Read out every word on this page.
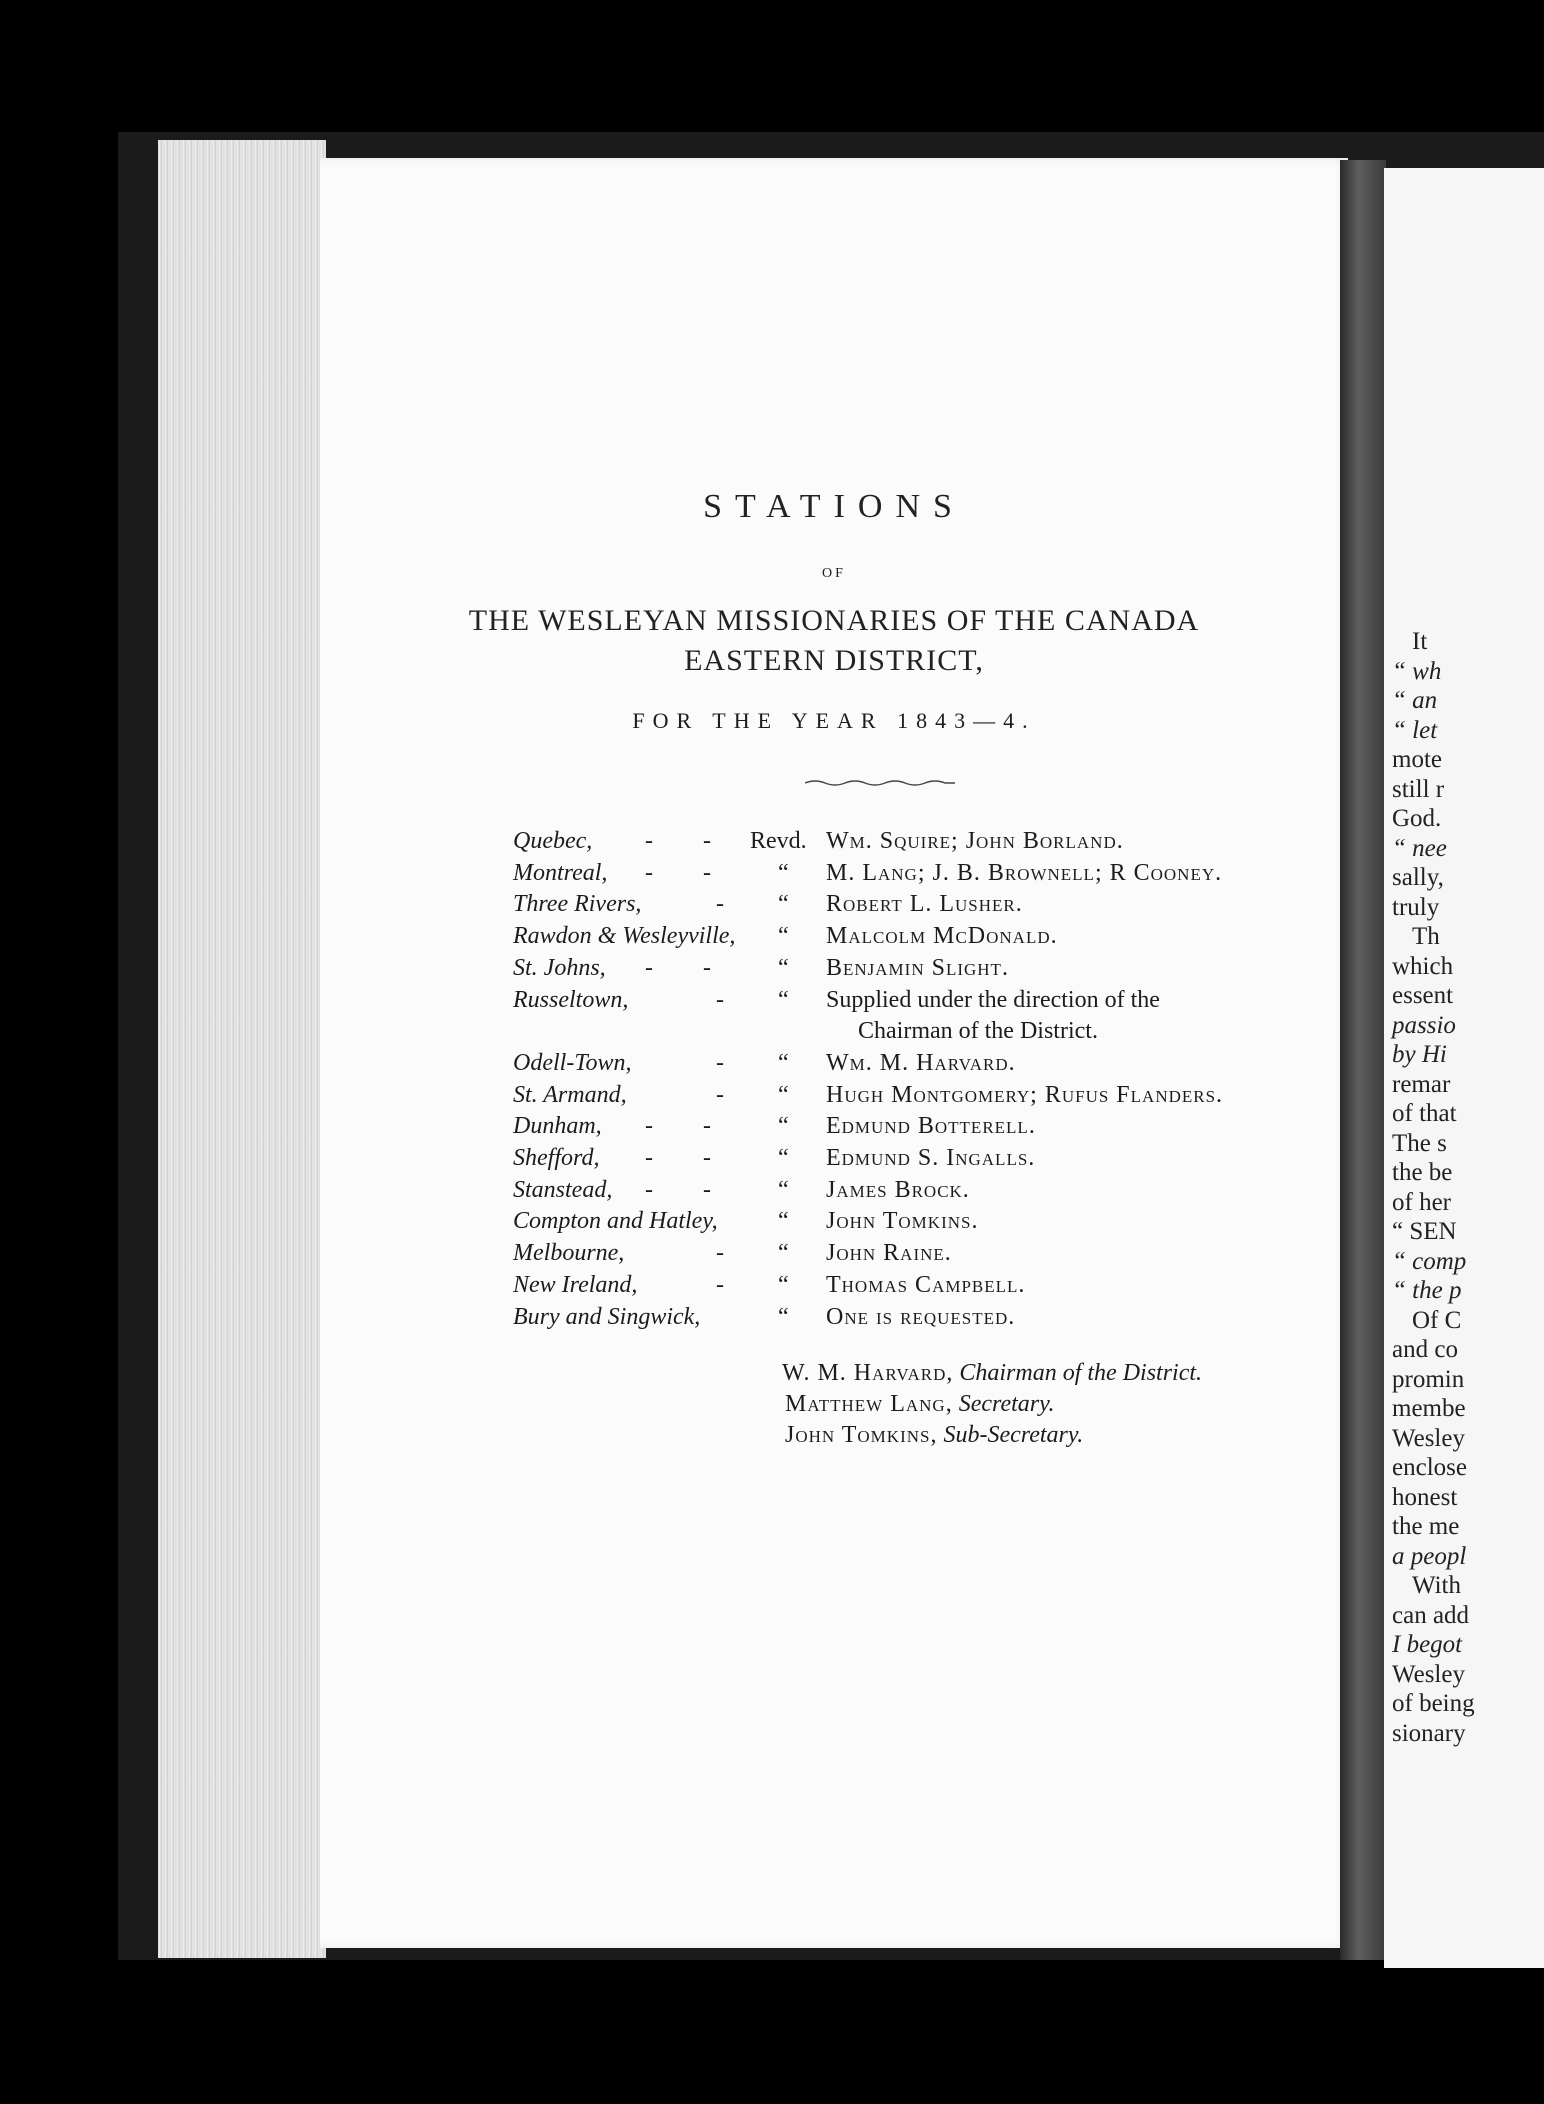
It
“ wh
“ an
“ let
mote
still r
God.
“ nee
sally,
truly
Th
which
essent
passio
by Hi
remar
of that
The s
the be
of her
“ SEN
“ comp
“ the p
Of C
and co
promin
membe
Wesley
enclose
honest
the me
a peopl
With
can add
I begot
Wesley
of being
sionary
STATIONS
OF
THE WESLEYAN MISSIONARIES OF THE CANADA
EASTERN DISTRICT,
FOR THE YEAR 1843—4.
Quebec, - - Revd. Wm. Squire; John Borland.
Montreal, - - “ M. Lang; J. B. Brownell; R Cooney.
Three Rivers,	- “ Robert L. Lusher.
Rawdon & Wesleyville, “ Malcolm McDonald.
St. Johns, - - “ Benjamin Slight.
Russeltown,	- “ Supplied under the direction of the
Chairman of the District.
Odell-Town,	- “ Wm. M. Harvard.
St. Armand,	- “ Hugh Montgomery; Rufus Flanders.
Dunham, - - “ Edmund Botterell.
Shefford, - - “ Edmund S. Ingalls.
Stanstead, - - “ James Brock.
Compton and Hatley,	“ John Tomkins.
Melbourne,	- “ John Raine.
New Ireland,	- “ Thomas Campbell.
Bury and Singwick,	“ One is requested.
W. M. Harvard, Chairman of the District.
Matthew Lang, Secretary.
John Tomkins, Sub-Secretary.
